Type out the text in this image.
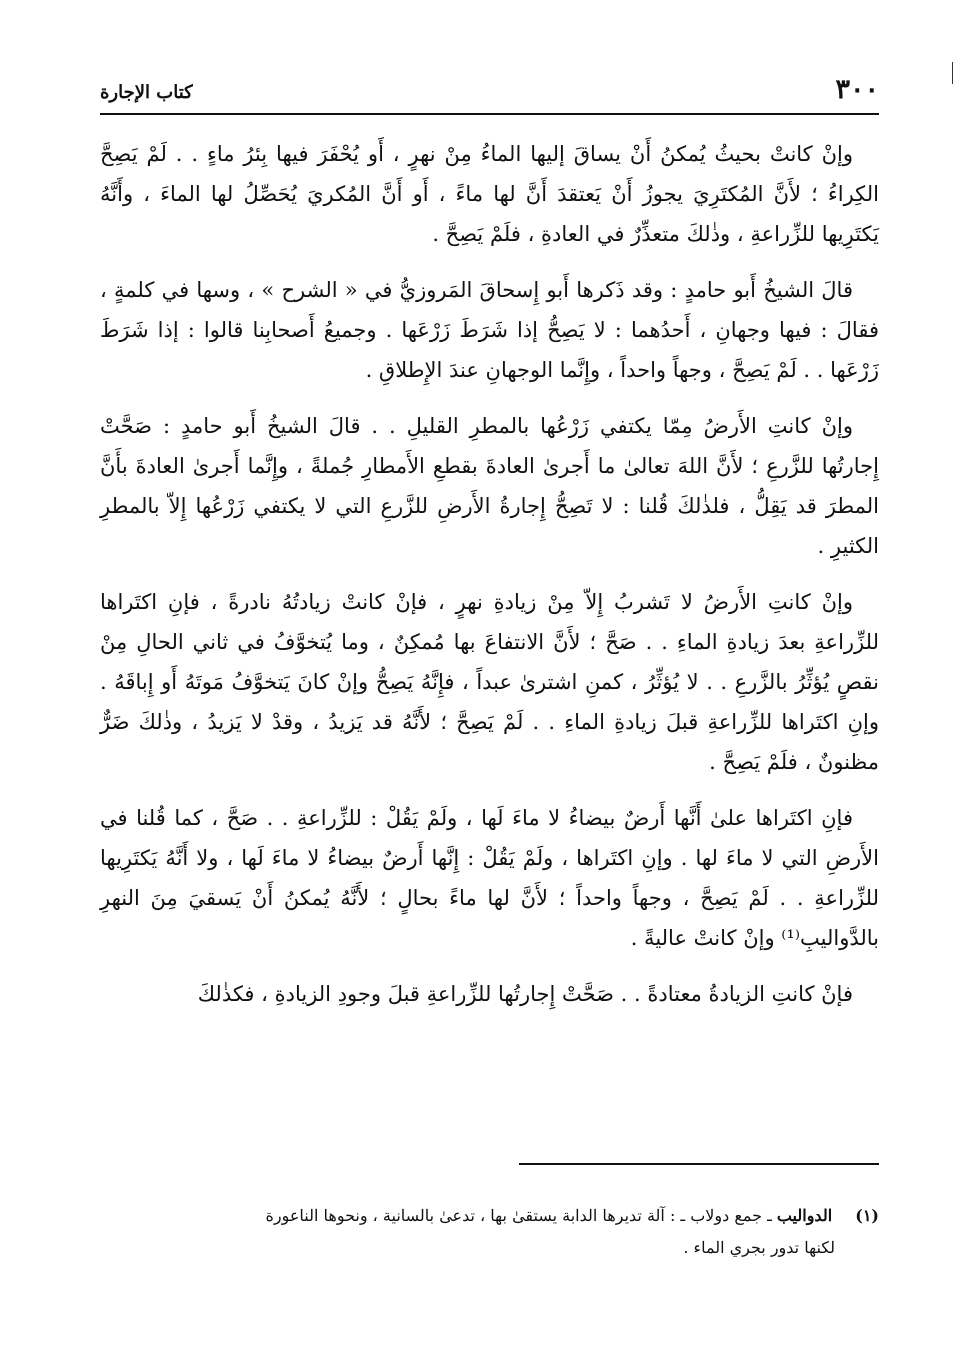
٣٠٠
كتاب الإجارة

وإنْ كانتْ بحيثُ يُمكنُ أَنْ يساقَ إليها الماءُ مِنْ نهرٍ ، أَو يُحْفَرَ فيها بِئرُ ماءٍ . . لَمْ يَصِحَّ الكِراءُ ؛ لأَنَّ المُكتَرِيَ يجوزُ أَنْ يَعتقدَ أَنَّ لها ماءً ، أَو أَنَّ المُكريَ يُحَصِّلُ لها الماءَ ، وأَنَّهُ يَكتَرِيها للزِّراعةِ ، وذٰلكَ متعذِّرٌ في العادةِ ، فلَمْ يَصِحَّ .

قالَ الشيخُ أَبو حامدٍ : وقد ذَكرها أَبو إِسحاقَ المَروزيُّ في « الشرح » ، وسها في كلمةٍ ، فقالَ : فيها وجهانِ ، أَحدُهما : لا يَصِحُّ إذا شَرَطَ زَرْعَها . وجميعُ أَصحابِنا قالوا : إذا شَرَطَ زَرْعَها . . لَمْ يَصِحَّ ، وجهاً واحداً ، وإِنَّما الوجهانِ عندَ الإِطلاقِ .

وإنْ كانتِ الأَرضُ مِمّا يكتفي زَرْعُها بالمطرِ القليلِ . . قالَ الشيخُ أَبو حامدٍ : صَحَّتْ إِجارتُها للزَّرعِ ؛ لأَنَّ اللهَ تعالىٰ ما أَجرىٰ العادةَ بقطعِ الأَمطارِ جُملةً ، وإِنَّما أَجرىٰ العادةَ بأَنَّ المطرَ قد يَقِلُّ ، فلذٰلكَ قُلنا : لا تَصِحُّ إِجارةُ الأَرضِ للزَّرعِ التي لا يكتفي زَرْعُها إِلاّ بالمطرِ الكثيرِ .

وإنْ كانتِ الأَرضُ لا تَشربُ إِلاّ مِنْ زيادةِ نهرٍ ، فإنْ كانتْ زيادتُهُ نادرةً ، فإنِ اكتَراها للزِّراعةِ بعدَ زيادةِ الماءِ . . صَحَّ ؛ لأَنَّ الانتفاعَ بها مُمكِنٌ ، وما يُتخوَّفُ في ثاني الحالِ مِنْ نقصٍ يُؤثِّرُ بالزَّرعِ . . لا يُؤثِّرُ ، كمنِ اشترىٰ عبداً ، فإِنَّهُ يَصِحُّ وإنْ كانَ يَتخوَّفُ مَوتَهُ أَو إِباقَهُ . وإنِ اكتَراها للزِّراعةِ قبلَ زيادةِ الماءِ . . لَمْ يَصِحَّ ؛ لأَنَّهُ قد يَزيدُ ، وقدْ لا يَزيدُ ، وذٰلكَ ضَرٌّ مظنونٌ ، فلَمْ يَصِحَّ .

فإنِ اكتَراها علىٰ أَنَّها أَرضٌ بيضاءُ لا ماءَ لَها ، ولَمْ يَقُلْ : للزِّراعةِ . . صَحَّ ، كما قُلنا في الأَرضِ التي لا ماءَ لها . وإنِ اكتَراها ، ولَمْ يَقُلْ : إِنَّها أَرضٌ بيضاءُ لا ماءَ لَها ، ولا أَنَّهُ يَكتَرِيها للزِّراعةِ . . لَمْ يَصِحَّ ، وجهاً واحداً ؛ لأَنَّ لها ماءً بحالٍ ؛ لأَنَّهُ يُمكنُ أَنْ يَسقيَ مِنَ النهرِ بالدَّواليبِ⁽¹⁾ وإنْ كانتْ عاليةً .

فإنْ كانتِ الزيادةُ معتادةً . . صَحَّتْ إِجارتُها للزِّراعةِ قبلَ وجودِ الزيادةِ ، فكذٰلكَ

(١) الدواليب ـ جمع دولاب ـ : آلة تديرها الدابة يستقىٰ بها ، تدعىٰ بالسانية ، ونحوها الناعورة
لكنها تدور بجري الماء .
